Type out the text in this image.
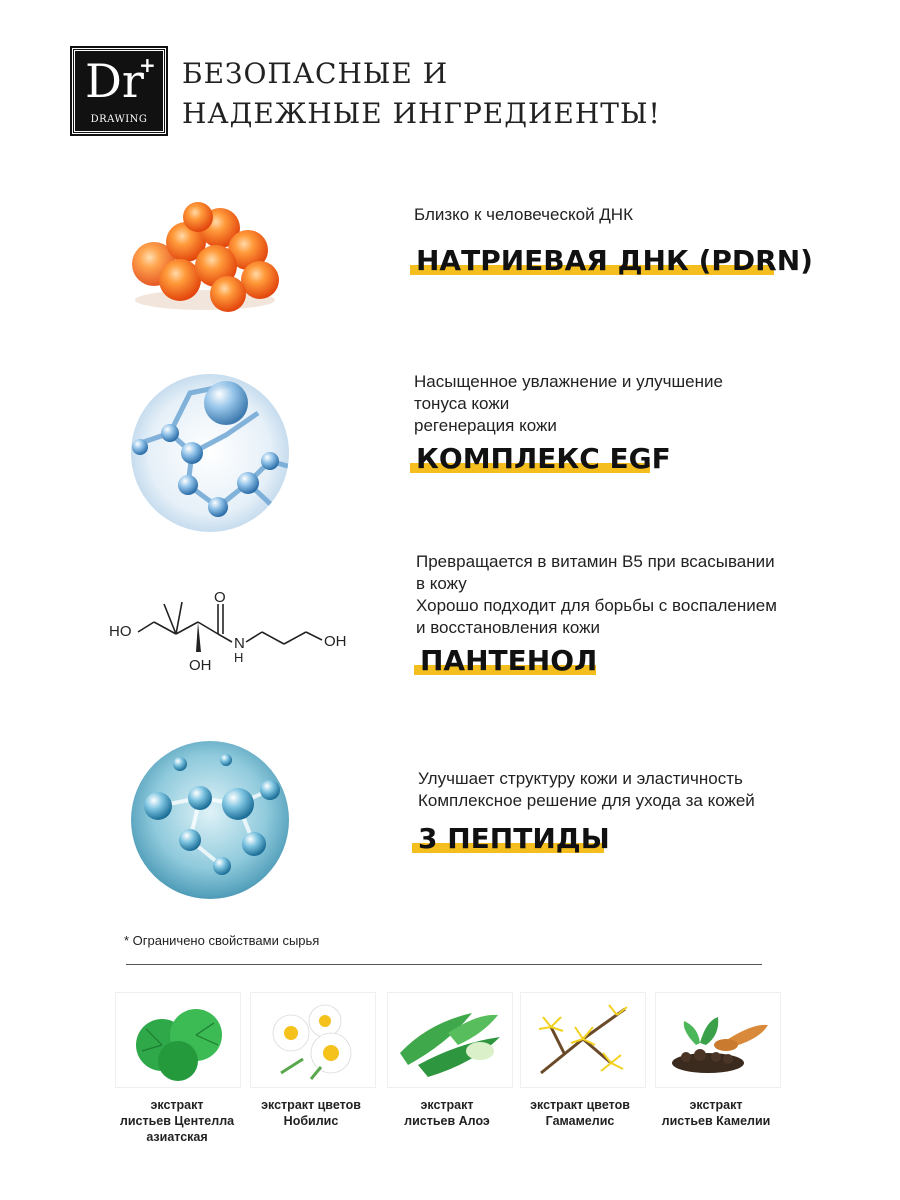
Dr
+
DRAWING
БЕЗОПАСНЫЕ И
НАДЕЖНЫЕ ИНГРЕДИЕНТЫ!
Близко к человеческой ДНК
НАТРИЕВАЯ ДНК (PDRN)
Насыщенное увлажнение и улучшение
тонуса кожи
регенерация кожи
КОМПЛЕКС EGF
HO
OH H
N
O
OH
Превращается в витамин B5 при всасывании
в кожу
Хорошо подходит для борьбы с воспалением
и восстановления кожи
ПАНТЕНОЛ
Улучшает структуру кожи и эластичность
Комплексное решение для ухода за кожей
3 ПЕПТИДЫ
* Ограничено свойствами сырья
экстракт
листьев Центелла
азиатская
экстракт цветов
Нобилис
экстракт
листьев Алоэ
экстракт цветов
Гамамелис
экстракт
листьев Камелии
